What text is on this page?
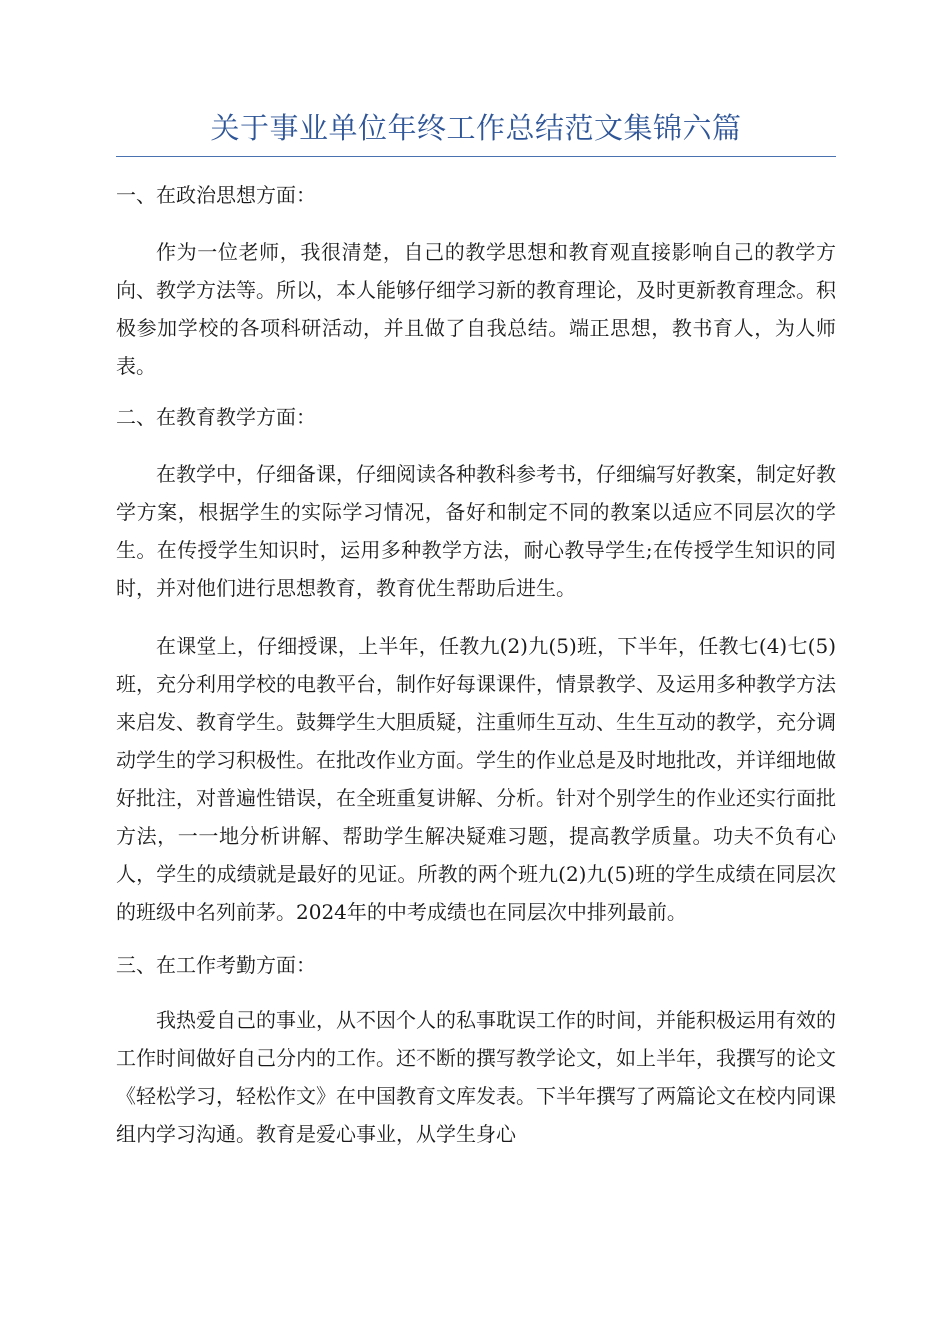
关于事业单位年终工作总结范文集锦六篇

一、在政治思想方面：

作为一位老师，我很清楚，自己的教学思想和教育观直接影响自己的教学方向、教学方法等。所以，本人能够仔细学习新的教育理论，及时更新教育理念。积极参加学校的各项科研活动，并且做了自我总结。端正思想，教书育人，为人师表。

二、在教育教学方面：

在教学中，仔细备课，仔细阅读各种教科参考书，仔细编写好教案，制定好教学方案，根据学生的实际学习情况，备好和制定不同的教案以适应不同层次的学生。在传授学生知识时，运用多种教学方法，耐心教导学生;在传授学生知识的同时，并对他们进行思想教育，教育优生帮助后进生。

在课堂上，仔细授课，上半年，任教九(2)九(5)班，下半年，任教七(4)七(5)班，充分利用学校的电教平台，制作好每课课件，情景教学、及运用多种教学方法来启发、教育学生。鼓舞学生大胆质疑，注重师生互动、生生互动的教学，充分调动学生的学习积极性。在批改作业方面。学生的作业总是及时地批改，并详细地做好批注，对普遍性错误，在全班重复讲解、分析。针对个别学生的作业还实行面批方法，一一地分析讲解、帮助学生解决疑难习题，提高教学质量。功夫不负有心人，学生的成绩就是最好的见证。所教的两个班九(2)九(5)班的学生成绩在同层次的班级中名列前茅。2024年的中考成绩也在同层次中排列最前。

三、在工作考勤方面：

我热爱自己的事业，从不因个人的私事耽误工作的时间，并能积极运用有效的工作时间做好自己分内的工作。还不断的撰写教学论文，如上半年，我撰写的论文《轻松学习，轻松作文》在中国教育文库发表。下半年撰写了两篇论文在校内同课组内学习沟通。教育是爱心事业，从学生身心
